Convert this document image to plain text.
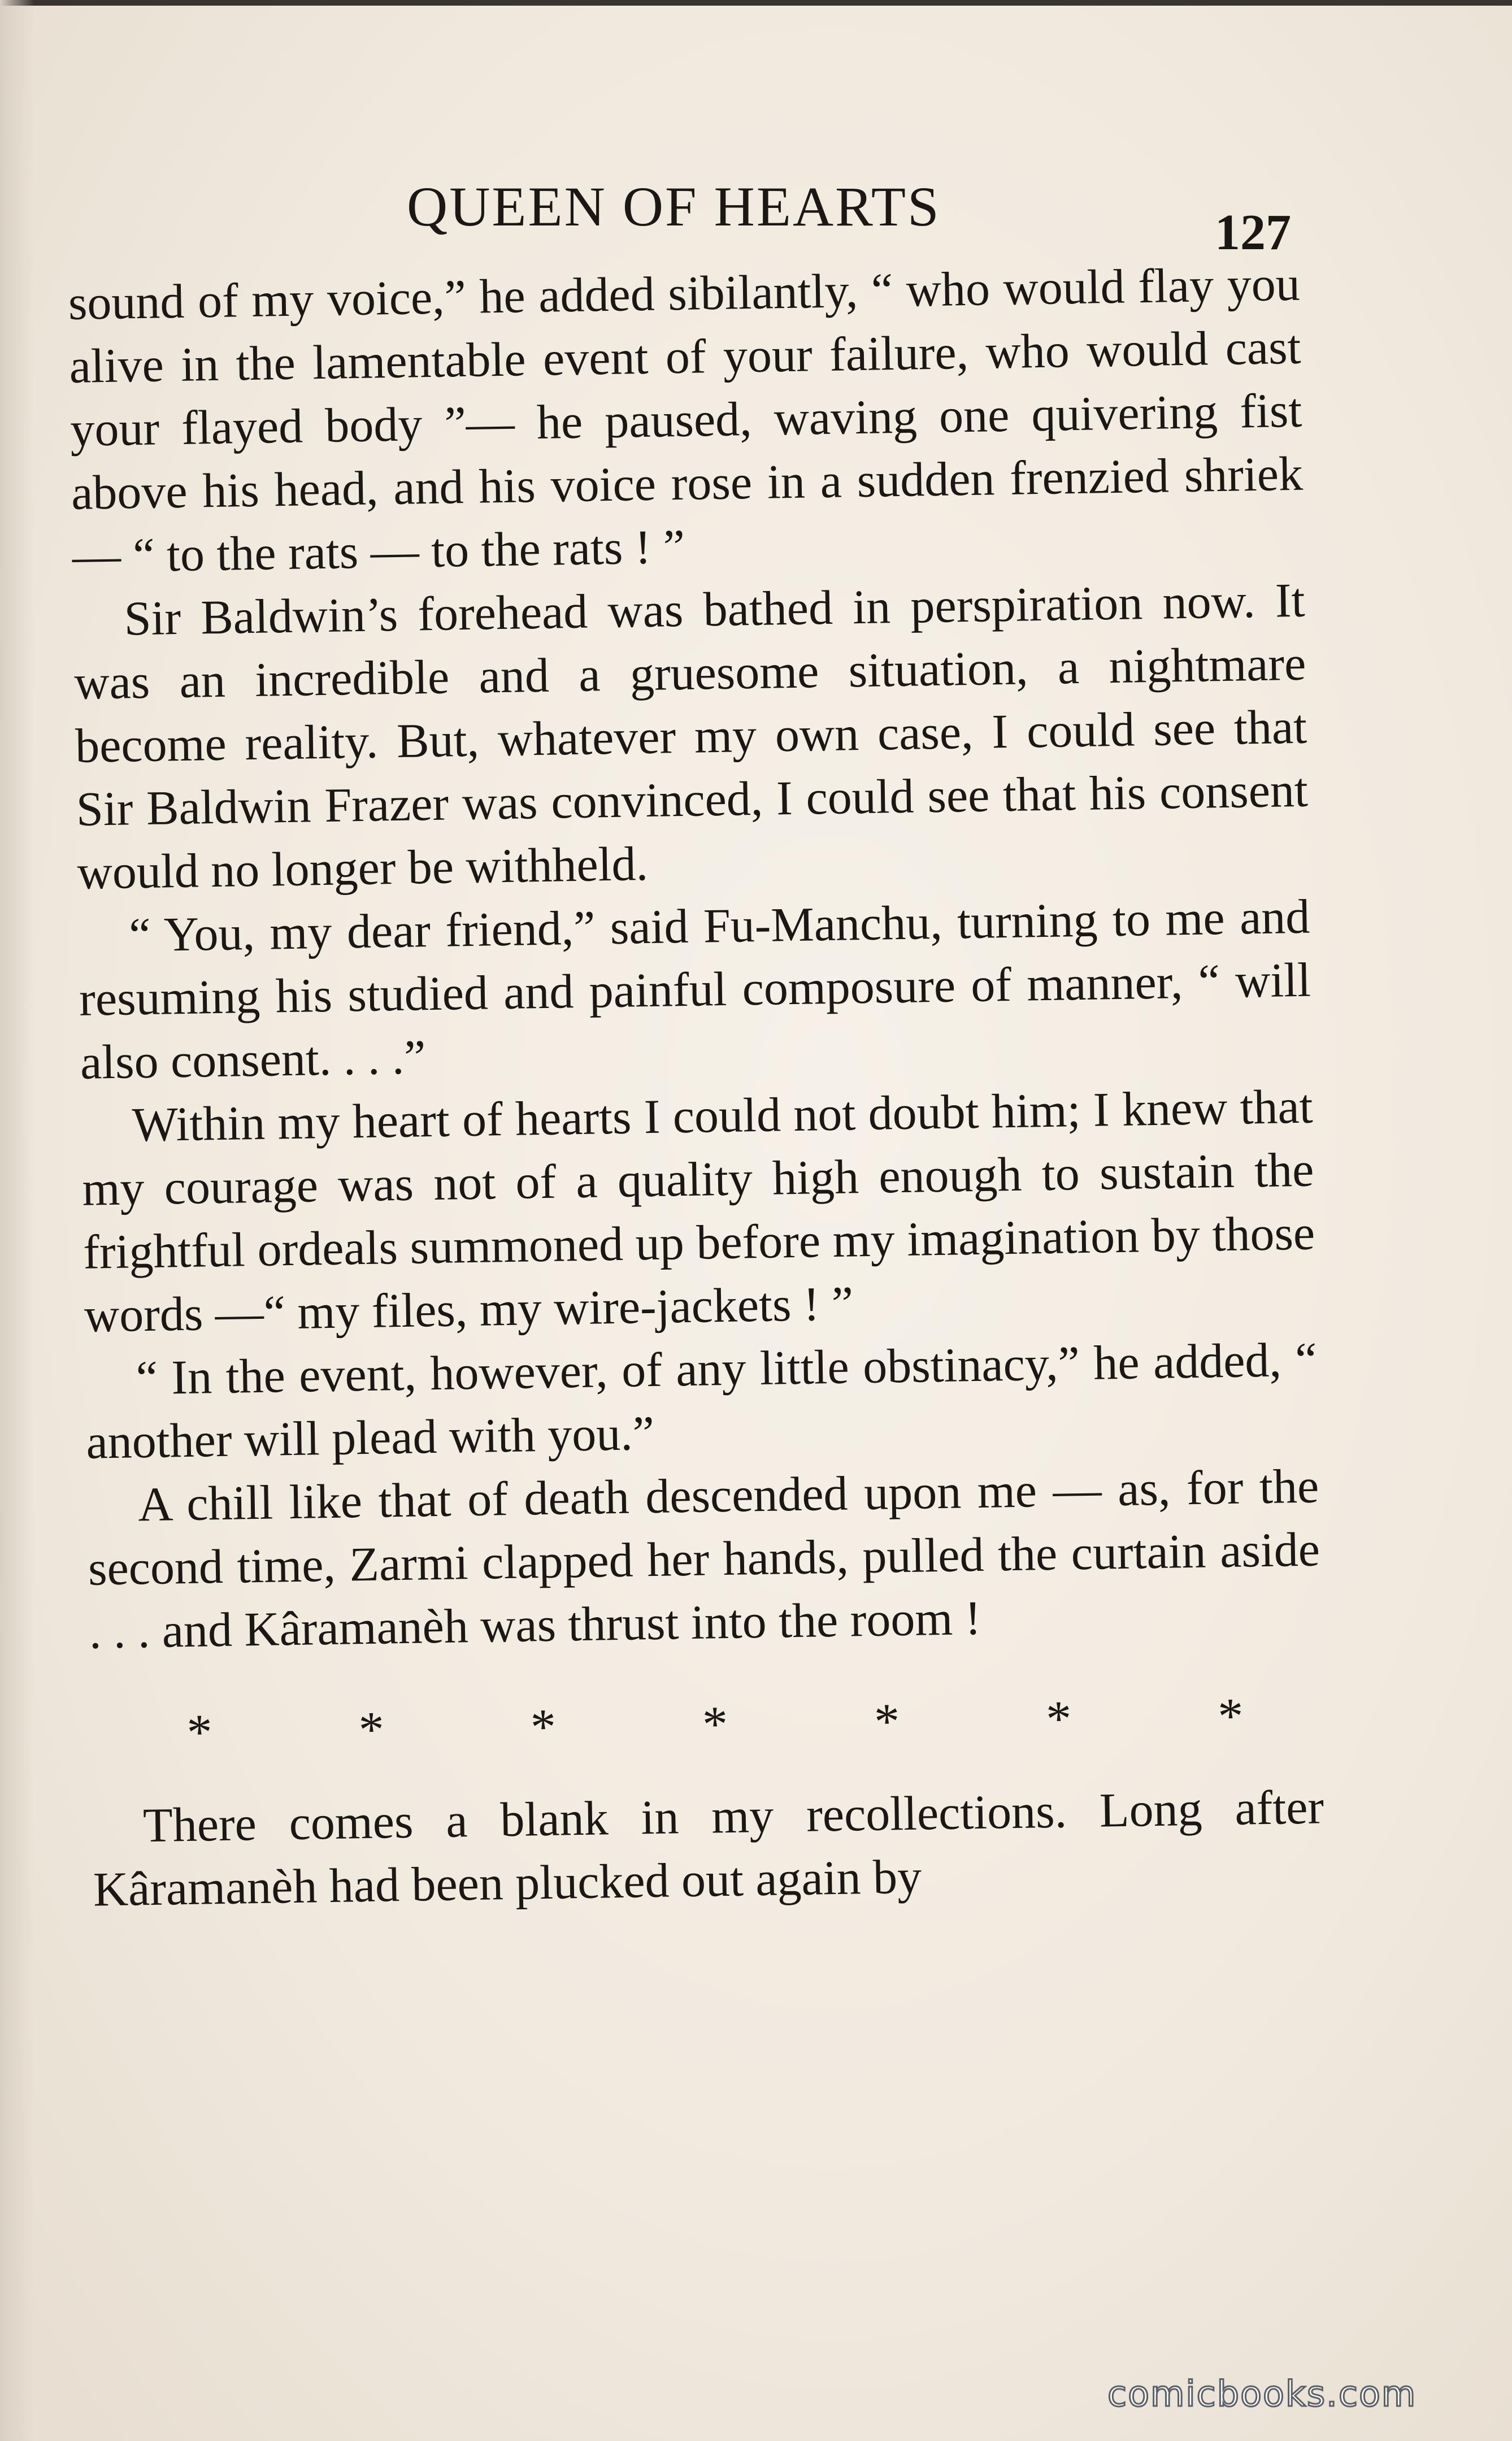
QUEEN OF HEARTS	127

sound of my voice,” he added sibilantly, “ who would flay you alive in the lamentable event of your failure, who would cast your flayed body ”— he paused, waving one quivering fist above his head, and his voice rose in a sudden frenzied shriek — “ to the rats — to the rats ! ”

Sir Baldwin’s forehead was bathed in perspiration now. It was an incredible and a gruesome situation, a nightmare become reality. But, whatever my own case, I could see that Sir Baldwin Frazer was convinced, I could see that his consent would no longer be withheld.

“ You, my dear friend,” said Fu-Manchu, turning to me and resuming his studied and painful composure of manner, “ will also consent. . . .”

Within my heart of hearts I could not doubt him; I knew that my courage was not of a quality high enough to sustain the frightful ordeals summoned up before my imagination by those words —“ my files, my wire-jackets ! ”

“ In the event, however, of any little obstinacy,” he added, “ another will plead with you.”

A chill like that of death descended upon me — as, for the second time, Zarmi clapped her hands, pulled the curtain aside . . . and Kâramanèh was thrust into the room !

*	*	*	*	*	*	*

There comes a blank in my recollections. Long after Kâramanèh had been plucked out again by

comicbooks.com
